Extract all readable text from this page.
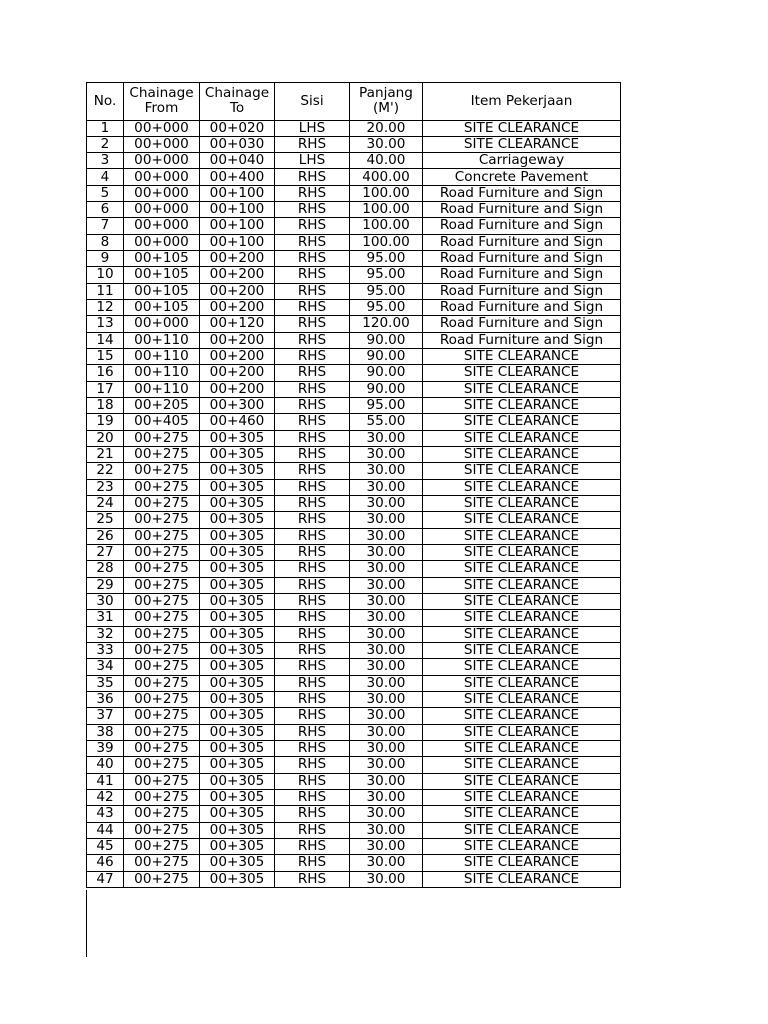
No.	Chainage From	Chainage To	Sisi	Panjang (M')	Item Pekerjaan
1	00+000	00+020	LHS	20.00	SITE CLEARANCE
2	00+000	00+030	RHS	30.00	SITE CLEARANCE
3	00+000	00+040	LHS	40.00	Carriageway
4	00+000	00+400	RHS	400.00	Concrete Pavement
5	00+000	00+100	RHS	100.00	Road Furniture and Sign
6	00+000	00+100	RHS	100.00	Road Furniture and Sign
7	00+000	00+100	RHS	100.00	Road Furniture and Sign
8	00+000	00+100	RHS	100.00	Road Furniture and Sign
9	00+105	00+200	RHS	95.00	Road Furniture and Sign
10	00+105	00+200	RHS	95.00	Road Furniture and Sign
11	00+105	00+200	RHS	95.00	Road Furniture and Sign
12	00+105	00+200	RHS	95.00	Road Furniture and Sign
13	00+000	00+120	RHS	120.00	Road Furniture and Sign
14	00+110	00+200	RHS	90.00	Road Furniture and Sign
15	00+110	00+200	RHS	90.00	SITE CLEARANCE
16	00+110	00+200	RHS	90.00	SITE CLEARANCE
17	00+110	00+200	RHS	90.00	SITE CLEARANCE
18	00+205	00+300	RHS	95.00	SITE CLEARANCE
19	00+405	00+460	RHS	55.00	SITE CLEARANCE
20	00+275	00+305	RHS	30.00	SITE CLEARANCE
21	00+275	00+305	RHS	30.00	SITE CLEARANCE
22	00+275	00+305	RHS	30.00	SITE CLEARANCE
23	00+275	00+305	RHS	30.00	SITE CLEARANCE
24	00+275	00+305	RHS	30.00	SITE CLEARANCE
25	00+275	00+305	RHS	30.00	SITE CLEARANCE
26	00+275	00+305	RHS	30.00	SITE CLEARANCE
27	00+275	00+305	RHS	30.00	SITE CLEARANCE
28	00+275	00+305	RHS	30.00	SITE CLEARANCE
29	00+275	00+305	RHS	30.00	SITE CLEARANCE
30	00+275	00+305	RHS	30.00	SITE CLEARANCE
31	00+275	00+305	RHS	30.00	SITE CLEARANCE
32	00+275	00+305	RHS	30.00	SITE CLEARANCE
33	00+275	00+305	RHS	30.00	SITE CLEARANCE
34	00+275	00+305	RHS	30.00	SITE CLEARANCE
35	00+275	00+305	RHS	30.00	SITE CLEARANCE
36	00+275	00+305	RHS	30.00	SITE CLEARANCE
37	00+275	00+305	RHS	30.00	SITE CLEARANCE
38	00+275	00+305	RHS	30.00	SITE CLEARANCE
39	00+275	00+305	RHS	30.00	SITE CLEARANCE
40	00+275	00+305	RHS	30.00	SITE CLEARANCE
41	00+275	00+305	RHS	30.00	SITE CLEARANCE
42	00+275	00+305	RHS	30.00	SITE CLEARANCE
43	00+275	00+305	RHS	30.00	SITE CLEARANCE
44	00+275	00+305	RHS	30.00	SITE CLEARANCE
45	00+275	00+305	RHS	30.00	SITE CLEARANCE
46	00+275	00+305	RHS	30.00	SITE CLEARANCE
47	00+275	00+305	RHS	30.00	SITE CLEARANCE
